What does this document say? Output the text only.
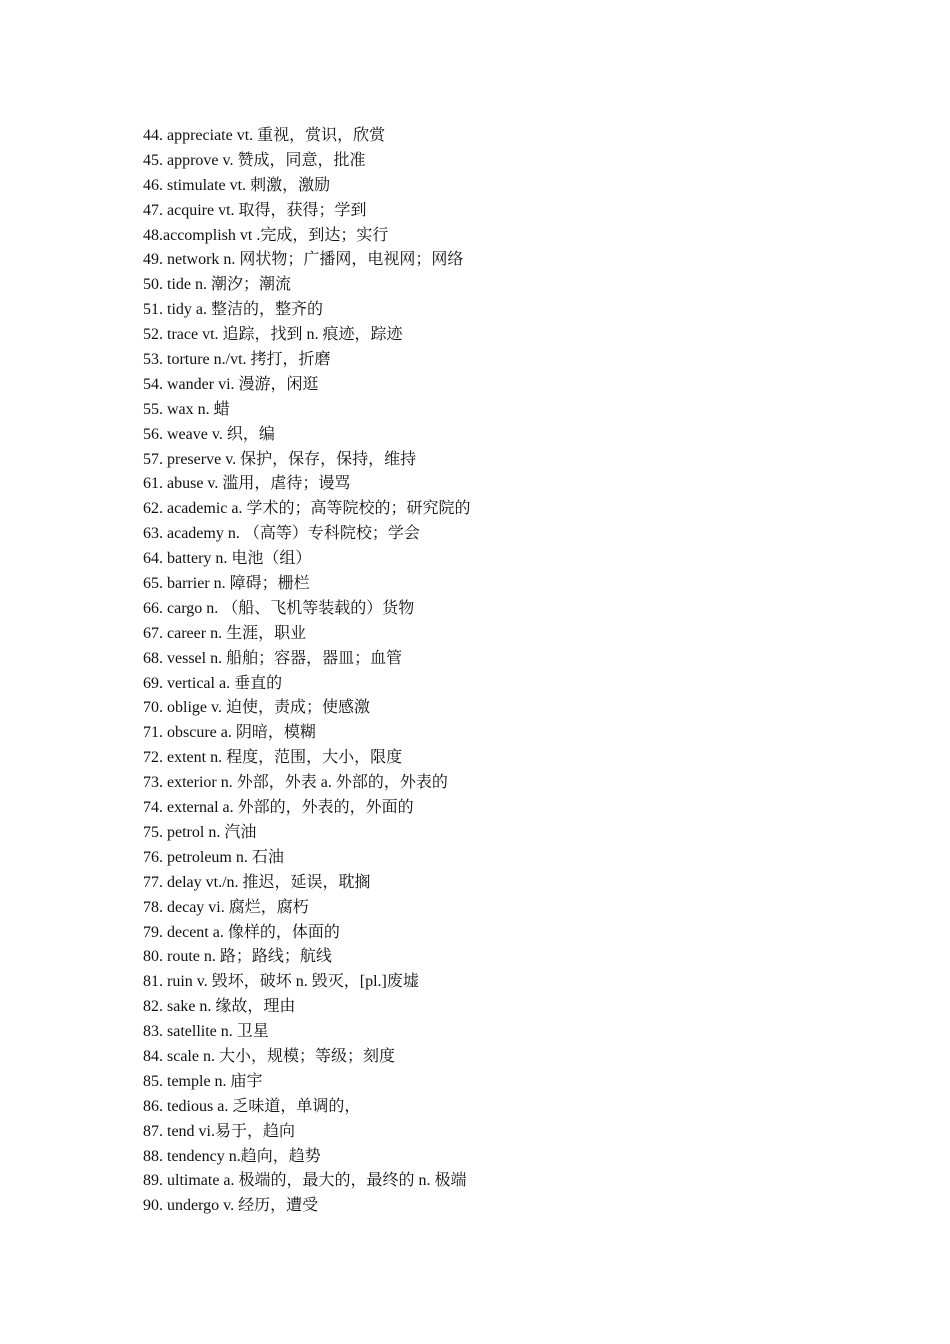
44. appreciate vt. 重视，赏识，欣赏
45. approve v. 赞成，同意，批准
46. stimulate vt. 刺激，激励
47. acquire vt. 取得，获得；学到
48.accomplish vt .完成，到达；实行
49. network n. 网状物；广播网，电视网；网络
50. tide n. 潮汐；潮流
51. tidy a. 整洁的，整齐的
52. trace vt. 追踪，找到 n. 痕迹，踪迹
53. torture n./vt. 拷打，折磨
54. wander vi. 漫游，闲逛
55. wax n. 蜡
56. weave v. 织，编
57. preserve v. 保护，保存，保持，维持
61. abuse v. 滥用，虐待；谩骂
62. academic a. 学术的；高等院校的；研究院的
63. academy n. （高等）专科院校；学会
64. battery n. 电池（组）
65. barrier n. 障碍；栅栏
66. cargo n. （船、飞机等装载的）货物
67. career n. 生涯，职业
68. vessel n. 船舶；容器，器皿；血管
69. vertical a. 垂直的
70. oblige v. 迫使，责成；使感激
71. obscure a. 阴暗，模糊
72. extent n. 程度，范围，大小，限度
73. exterior n. 外部，外表 a. 外部的，外表的
74. external a. 外部的，外表的，外面的
75. petrol n. 汽油
76. petroleum n. 石油
77. delay vt./n. 推迟，延误，耽搁
78. decay vi. 腐烂，腐朽
79. decent a. 像样的，体面的
80. route n. 路；路线；航线
81. ruin v. 毁坏，破坏 n. 毁灭，[pl.]废墟
82. sake n. 缘故，理由
83. satellite n. 卫星
84. scale n. 大小，规模；等级；刻度
85. temple n. 庙宇
86. tedious a. 乏味道，单调的，
87. tend vi.易于，趋向
88. tendency n.趋向，趋势
89. ultimate a. 极端的，最大的，最终的 n. 极端
90. undergo v. 经历，遭受
